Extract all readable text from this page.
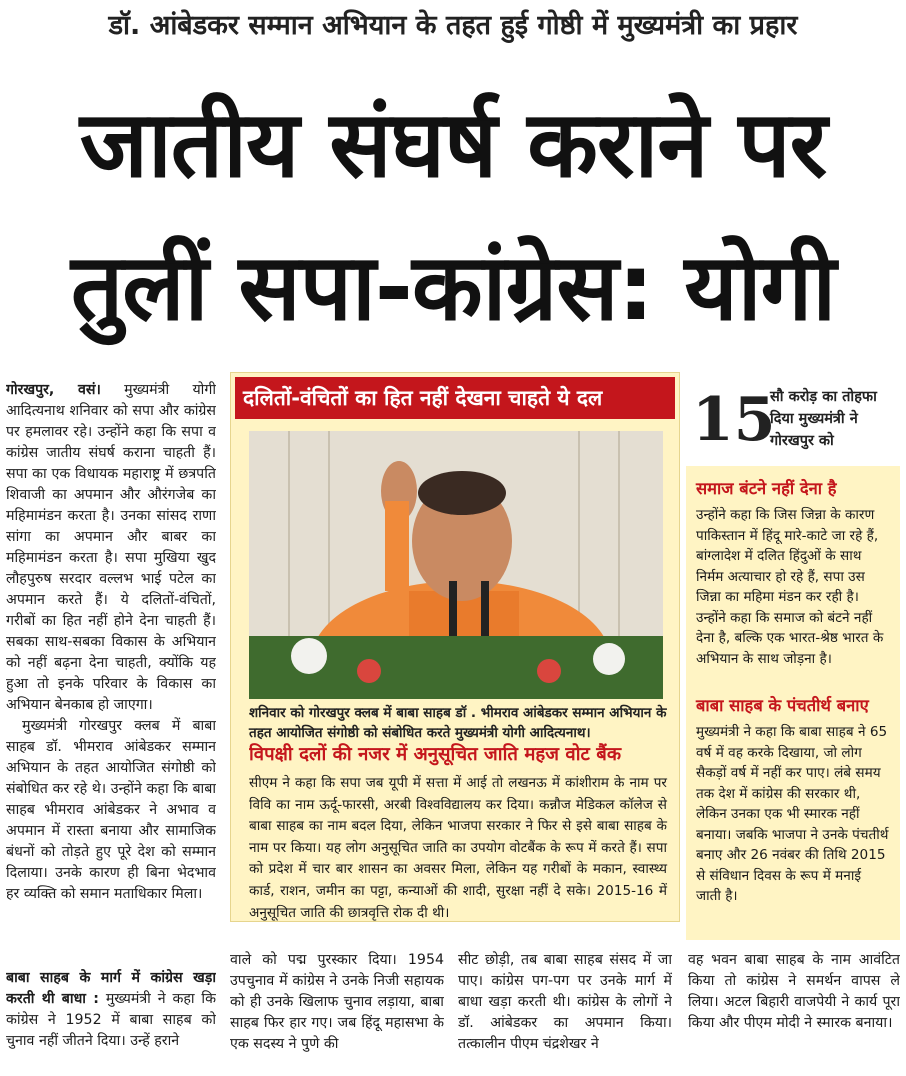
डॉ. आंबेडकर सम्मान अभियान के तहत हुई गोष्ठी में मुख्यमंत्री का प्रहार
जातीय संघर्ष कराने पर
तुलीं सपा-कांग्रेस: योगी

गोरखपुर, वसं। मुख्यमंत्री योगी आदित्यनाथ शनिवार को सपा और कांग्रेस पर हमलावर रहे। उन्होंने कहा कि सपा व कांग्रेस जातीय संघर्ष कराना चाहती हैं। सपा का एक विधायक महाराष्ट्र में छत्रपति शिवाजी का अपमान और औरंगजेब का महिमामंडन करता है। उनका सांसद राणा सांगा का अपमान और बाबर का महिमामंडन करता है। सपा मुखिया खुद लौहपुरुष सरदार वल्लभ भाई पटेल का अपमान करते हैं। ये दलितों-वंचितों, गरीबों का हित नहीं होने देना चाहती हैं। सबका साथ-सबका विकास के अभियान को नहीं बढ़ना देना चाहती, क्योंकि यह हुआ तो इनके परिवार के विकास का अभियान बेनकाब हो जाएगा।

मुख्यमंत्री गोरखपुर क्लब में बाबा साहब डॉ. भीमराव आंबेडकर सम्मान अभियान के तहत आयोजित संगोष्ठी को संबोधित कर रहे थे। उन्होंने कहा कि बाबा साहब भीमराव आंबेडकर ने अभाव व अपमान में रास्ता बनाया और सामाजिक बंधनों को तोड़ते हुए पूरे देश को सम्मान दिलाया। उनके कारण ही बिना भेदभाव हर व्यक्ति को समान मताधिकार मिला।

बाबा साहब के मार्ग में कांग्रेस खड़ा करती थी बाधा : मुख्यमंत्री ने कहा कि कांग्रेस ने 1952 में बाबा साहब को चुनाव नहीं जीतने दिया। उन्हें हराने

दलितों-वंचितों का हित नहीं देखना चाहते ये दल
शनिवार को गोरखपुर क्लब में बाबा साहब डॉ . भीमराव आंबेडकर सम्मान अभियान के तहत आयोजित संगोष्ठी को संबोधित करते मुख्यमंत्री योगी आदित्यनाथ।
विपक्षी दलों की नजर में अनुसूचित जाति महज वोट बैंक
सीएम ने कहा कि सपा जब यूपी में सत्ता में आई तो लखनऊ में कांशीराम के नाम पर विवि का नाम ऊर्दू-फारसी, अरबी विश्वविद्यालय कर दिया। कन्नौज मेडिकल कॉलेज से बाबा साहब का नाम बदल दिया, लेकिन भाजपा सरकार ने फिर से इसे बाबा साहब के नाम पर किया। यह लोग अनुसूचित जाति का उपयोग वोटबैंक के रूप में करते हैं। सपा को प्रदेश में चार बार शासन का अवसर मिला, लेकिन यह गरीबों के मकान, स्वास्थ्य कार्ड, राशन, जमीन का पट्टा, कन्याओं की शादी, सुरक्षा नहीं दे सके। 2015-16 में अनुसूचित जाति की छात्रवृत्ति रोक दी थी।
15
सौ करोड़ का तोहफा दिया मुख्यमंत्री ने गोरखपुर को
समाज बंटने नहीं देना है
उन्होंने कहा कि जिस जिन्ना के कारण पाकिस्तान में हिंदू मारे-काटे जा रहे हैं, बांग्लादेश में दलित हिंदुओं के साथ निर्मम अत्याचार हो रहे हैं, सपा उस जिन्ना का महिमा मंडन कर रही है। उन्होंने कहा कि समाज को बंटने नहीं देना है, बल्कि एक भारत-श्रेष्ठ भारत के अभियान के साथ जोड़ना है।
बाबा साहब के पंचतीर्थ बनाए
मुख्यमंत्री ने कहा कि बाबा साहब ने 65 वर्ष में वह करके दिखाया, जो लोग सैकड़ों वर्ष में नहीं कर पाए। लंबे समय तक देश में कांग्रेस की सरकार थी, लेकिन उनका एक भी स्मारक नहीं बनाया। जबकि भाजपा ने उनके पंचतीर्थ बनाए और 26 नवंबर की तिथि 2015 से संविधान दिवस के रूप में मनाई जाती है।
वाले को पद्म पुरस्कार दिया। 1954 उपचुनाव में कांग्रेस ने उनके निजी सहायक को ही उनके खिलाफ चुनाव लड़ाया, बाबा साहब फिर हार गए। जब हिंदू महासभा के एक सदस्य ने पुणे की
सीट छोड़ी, तब बाबा साहब संसद में जा पाए। कांग्रेस पग-पग पर उनके मार्ग में बाधा खड़ा करती थी। कांग्रेस के लोगों ने डॉ. आंबेडकर का अपमान किया। तत्कालीन पीएम चंद्रशेखर ने
वह भवन बाबा साहब के नाम आवंटित किया तो कांग्रेस ने समर्थन वापस ले लिया। अटल बिहारी वाजपेयी ने कार्य पूरा किया और पीएम मोदी ने स्मारक बनाया।
